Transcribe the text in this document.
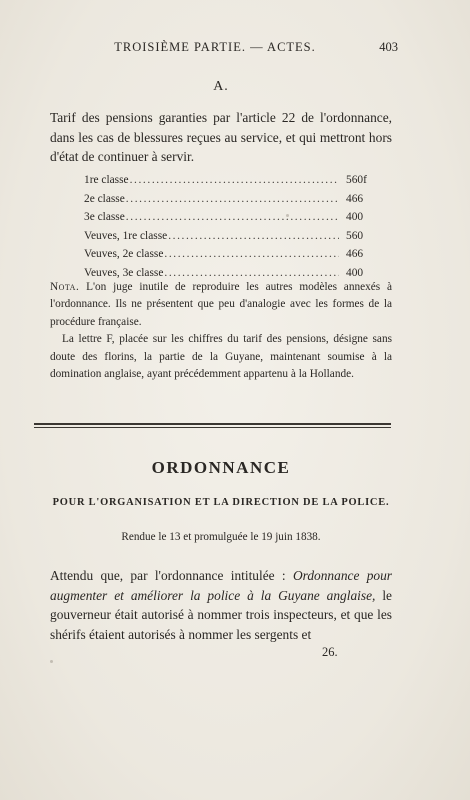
TROISIÈME PARTIE. — ACTES.	403
A.
Tarif des pensions garanties par l'article 22 de l'ordonnance, dans les cas de blessures reçues au service, et qui mettront hors d'état de continuer à servir.
1re classe .....	560f
2e classe .....	466
3e classe .....	400
Veuves, 1re classe .....	560
Veuves, 2e classe .....	466
Veuves, 3e classe .....	400

Nota. L'on juge inutile de reproduire les autres modèles annexés à l'ordonnance. Ils ne présentent que peu d'analogie avec les formes de la procédure française.

La lettre F, placée sur les chiffres du tarif des pensions, désigne sans doute des florins, la partie de la Guyane, maintenant soumise à la domination anglaise, ayant précédemment appartenu à la Hollande.

ORDONNANCE
POUR L'ORGANISATION ET LA DIRECTION DE LA POLICE.
Rendue le 13 et promulguée le 19 juin 1838.
Attendu que, par l'ordonnance intitulée : Ordonnance pour augmenter et améliorer la police à la Guyane anglaise, le gouverneur était autorisé à nommer trois inspecteurs, et que les shérifs étaient autorisés à nommer les sergents et
26.
